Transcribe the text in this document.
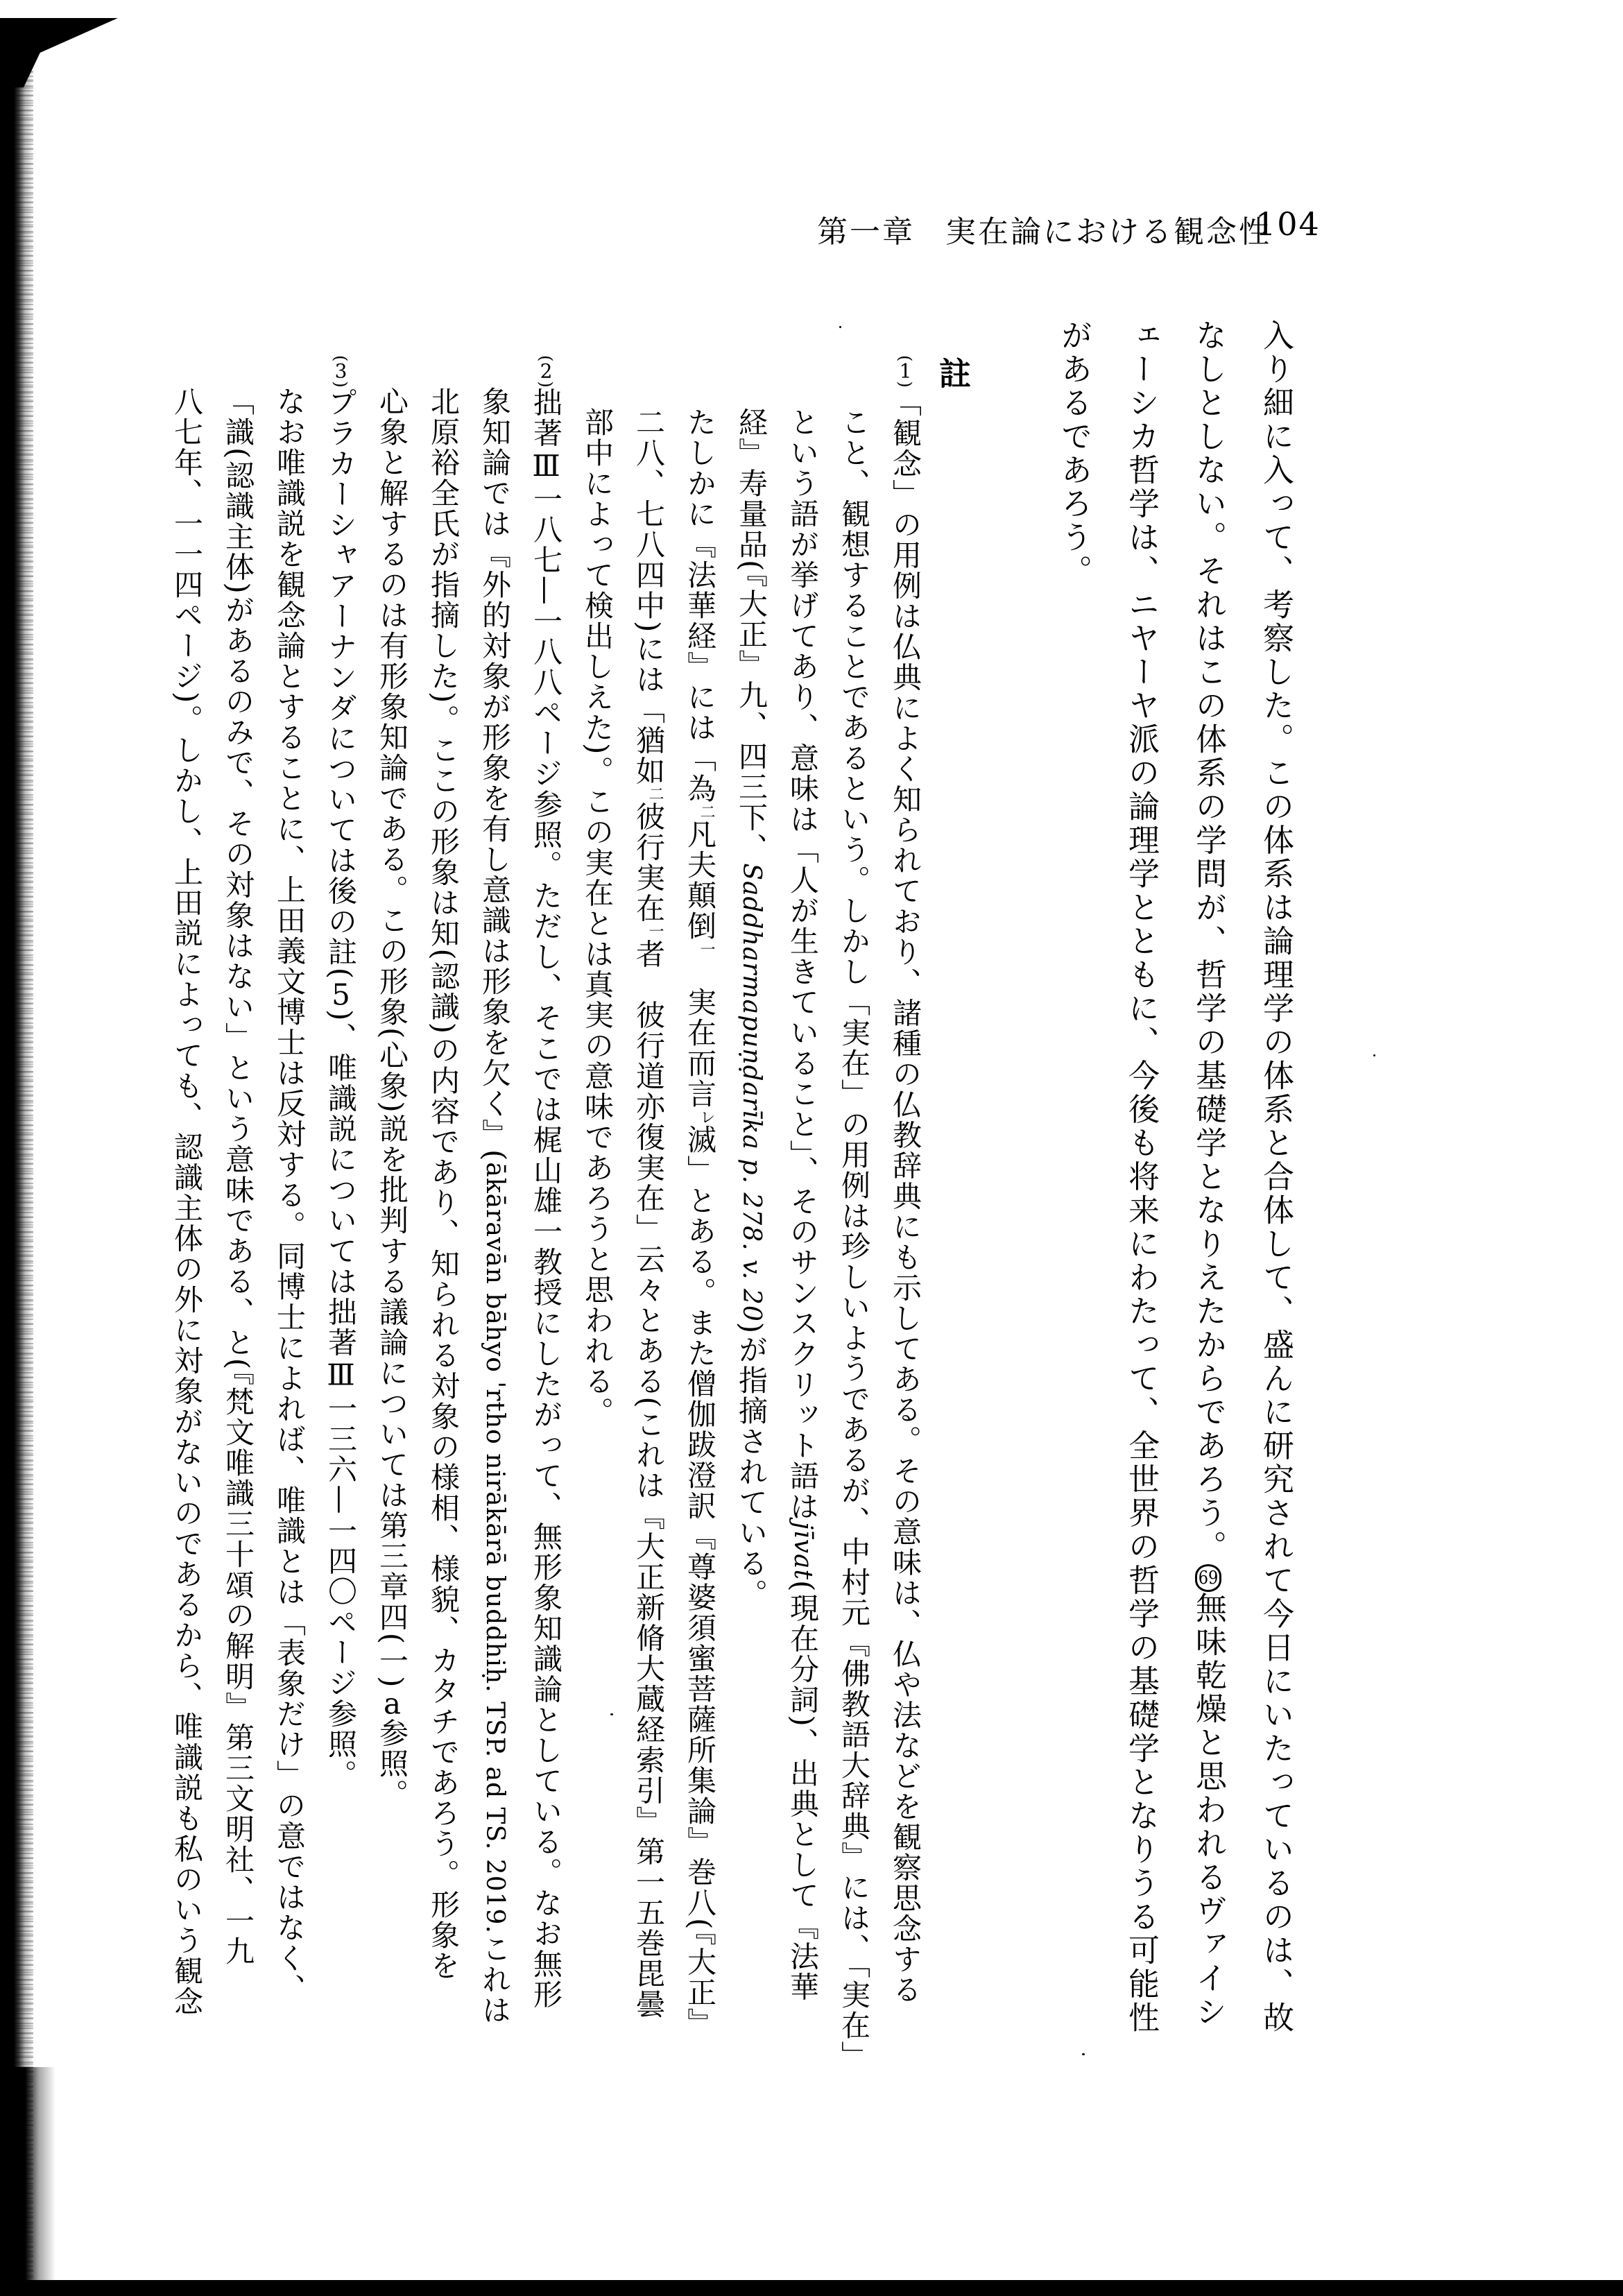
第一章 実在論における観念性
104
入り細に入って、考察した。この体系は論理学の体系と合体して、盛んに研究されて今日にいたっているのは、故
なしとしない。それはこの体系の学問が、哲学の基礎学となりえたからであろう。69無味乾燥と思われるヴァイシ
ェーシカ哲学は、ニヤーヤ派の論理学とともに、今後も将来にわたって、全世界の哲学の基礎学となりうる可能性
があるであろう。
註
(1)「観念」の用例は仏典によく知られており、諸種の仏教辞典にも示してある。その意味は、仏や法などを観察思念する
こと、観想することであるという。しかし「実在」の用例は珍しいようであるが、中村元『佛教語大辞典』には、「実在」
という語が挙げてあり、意味は「人が生きていること」、そのサンスクリット語はjīvat(現在分詞)、出典として『法華
経』寿量品(『大正』九、四三下、Saddharmapuṇḍarīka p. 278. v. 20)が指摘されている。
たしかに『法華経』には「為二凡夫顛倒一　実在而言レ滅」とある。また僧伽跋澄訳『尊婆須蜜菩薩所集論』巻八(『大正』
二八、七八四中)には「猶如二彼行実在一者　彼行道亦復実在」云々とある(これは『大正新脩大蔵経索引』第一五巻毘曇
部中によって検出しえた)。この実在とは真実の意味であろうと思われる。
(2)拙著Ⅲ一八七—一八八ページ参照。ただし、そこでは梶山雄一教授にしたがって、無形象知識論としている。なお無形
象知論では『外的対象が形象を有し意識は形象を欠く』(ākāravān bāhyo 'rtho nirākārā buddhiḥ. TSP. ad TS. 2019.これは
北原裕全氏が指摘した)。ここの形象は知(認識)の内容であり、知られる対象の様相、様貌、カタチであろう。形象を
心象と解するのは有形象知論である。この形象(心象)説を批判する議論については第三章四(一)a参照。
(3)プラカーシャアーナンダについては後の註(5)、唯識説については拙著Ⅲ一三六—一四〇ページ参照。
なお唯識説を観念論とすることに、上田義文博士は反対する。同博士によれば、唯識とは「表象だけ」の意ではなく、
「識(認識主体)があるのみで、その対象はない」という意味である、と(『梵文唯識三十頌の解明』第三文明社、一九
八七年、一一四ページ)。しかし、上田説によっても、認識主体の外に対象がないのであるから、唯識説も私のいう観念
